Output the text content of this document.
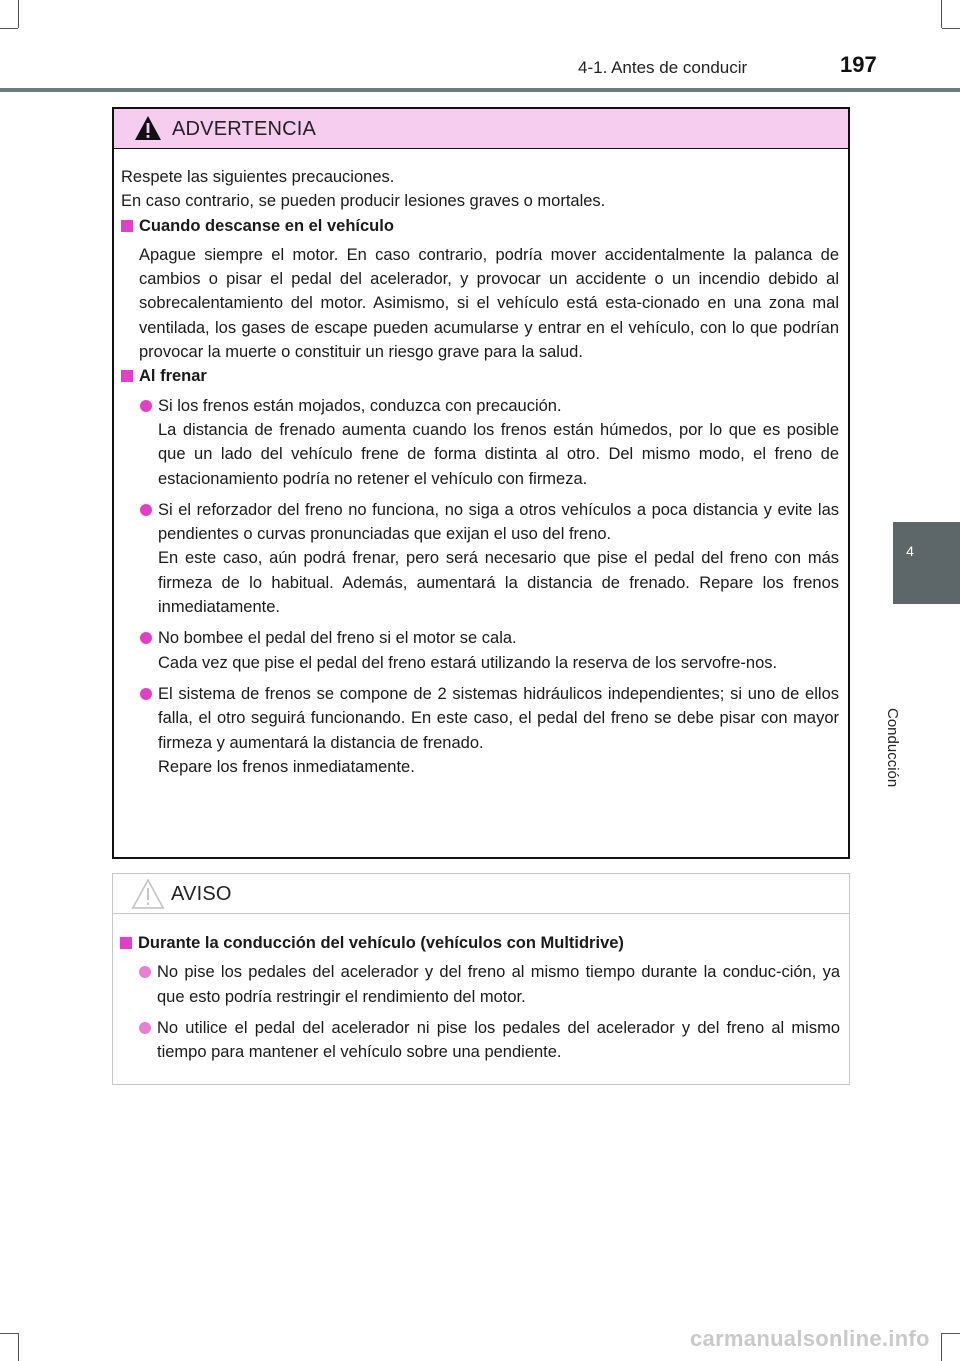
4-1. Antes de conducir	197
4
Conducción
ADVERTENCIA

Respete las siguientes precauciones.
En caso contrario, se pueden producir lesiones graves o mortales.

Cuando descanse en el vehículo

Apague siempre el motor. En caso contrario, podría mover accidentalmente la palanca de cambios o pisar el pedal del acelerador, y provocar un accidente o un incendio debido al sobrecalentamiento del motor. Asimismo, si el vehículo está esta-cionado en una zona mal ventilada, los gases de escape pueden acumularse y entrar en el vehículo, con lo que podrían provocar la muerte o constituir un riesgo grave para la salud.

Al frenar
Si los frenos están mojados, conduzca con precaución.
La distancia de frenado aumenta cuando los frenos están húmedos, por lo que es posible que un lado del vehículo frene de forma distinta al otro. Del mismo modo, el freno de estacionamiento podría no retener el vehículo con firmeza.
Si el reforzador del freno no funciona, no siga a otros vehículos a poca distancia y evite las pendientes o curvas pronunciadas que exijan el uso del freno.
En este caso, aún podrá frenar, pero será necesario que pise el pedal del freno con más firmeza de lo habitual. Además, aumentará la distancia de frenado. Repare los frenos inmediatamente.
No bombee el pedal del freno si el motor se cala.
Cada vez que pise el pedal del freno estará utilizando la reserva de los servofre-nos.
El sistema de frenos se compone de 2 sistemas hidráulicos independientes; si uno de ellos falla, el otro seguirá funcionando. En este caso, el pedal del freno se debe pisar con mayor firmeza y aumentará la distancia de frenado.
Repare los frenos inmediatamente.
AVISO
Durante la conducción del vehículo (vehículos con Multidrive)
No pise los pedales del acelerador y del freno al mismo tiempo durante la conduc-ción, ya que esto podría restringir el rendimiento del motor.
No utilice el pedal del acelerador ni pise los pedales del acelerador y del freno al mismo tiempo para mantener el vehículo sobre una pendiente.
carmanualsonline.info
